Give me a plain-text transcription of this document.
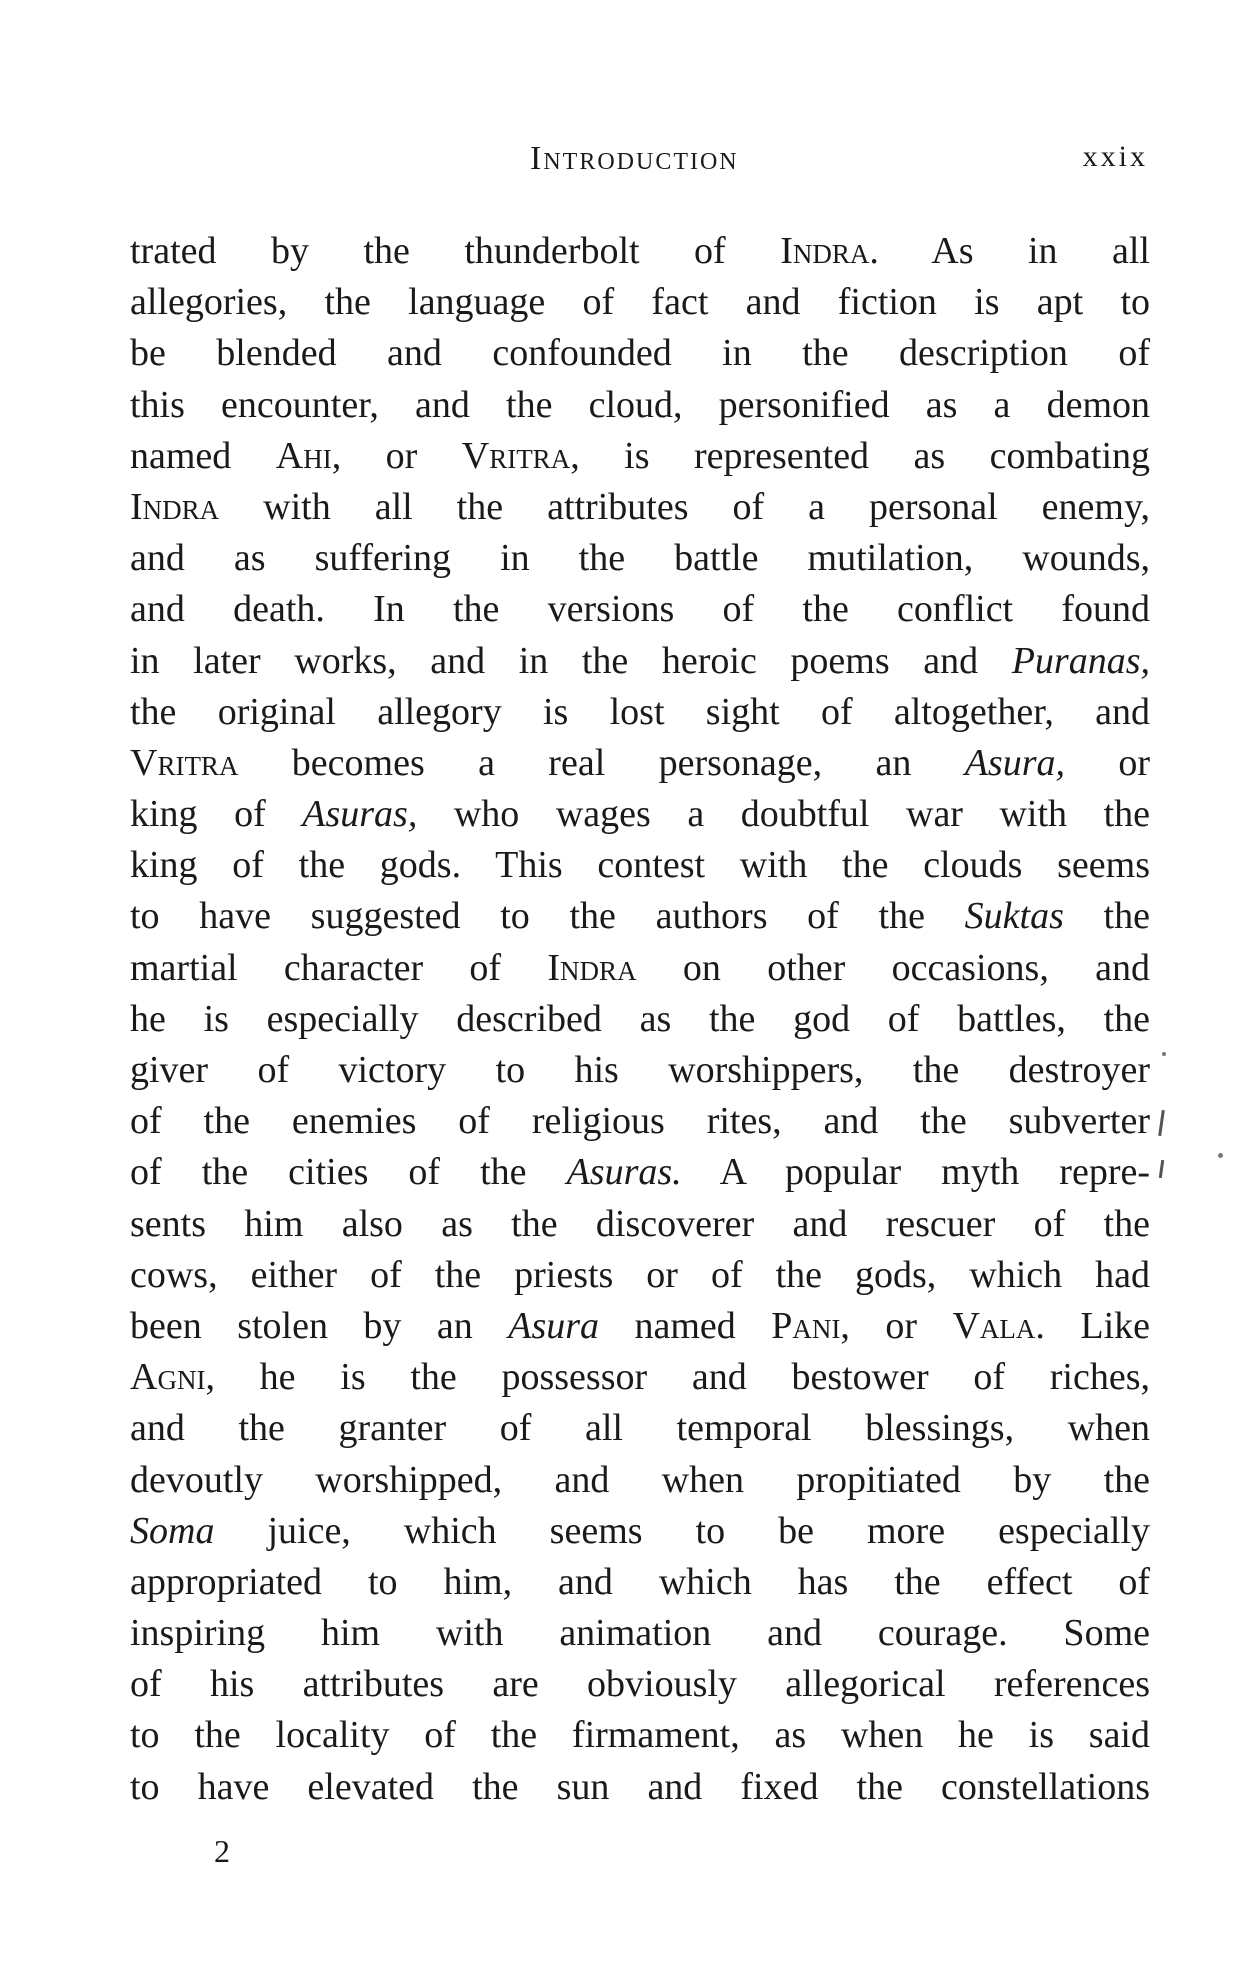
Introduction	xxix
trated by the thunderbolt of Indra. As in all
allegories, the language of fact and fiction is apt to
be blended and confounded in the description of
this encounter, and the cloud, personified as a demon
named Ahi, or Vritra, is represented as combating
Indra with all the attributes of a personal enemy,
and as suffering in the battle mutilation, wounds,
and death. In the versions of the conflict found
in later works, and in the heroic poems and Puranas,
the original allegory is lost sight of altogether, and
Vritra becomes a real personage, an Asura, or
king of Asuras, who wages a doubtful war with the
king of the gods. This contest with the clouds seems
to have suggested to the authors of the Suktas the
martial character of Indra on other occasions, and
he is especially described as the god of battles, the
giver of victory to his worshippers, the destroyer
of the enemies of religious rites, and the subverter
of the cities of the Asuras. A popular myth repre-
sents him also as the discoverer and rescuer of the
cows, either of the priests or of the gods, which had
been stolen by an Asura named Pani, or Vala. Like
Agni, he is the possessor and bestower of riches,
and the granter of all temporal blessings, when
devoutly worshipped, and when propitiated by the
Soma juice, which seems to be more especially
appropriated to him, and which has the effect of
inspiring him with animation and courage. Some
of his attributes are obviously allegorical references
to the locality of the firmament, as when he is said
to have elevated the sun and fixed the constellations
2
